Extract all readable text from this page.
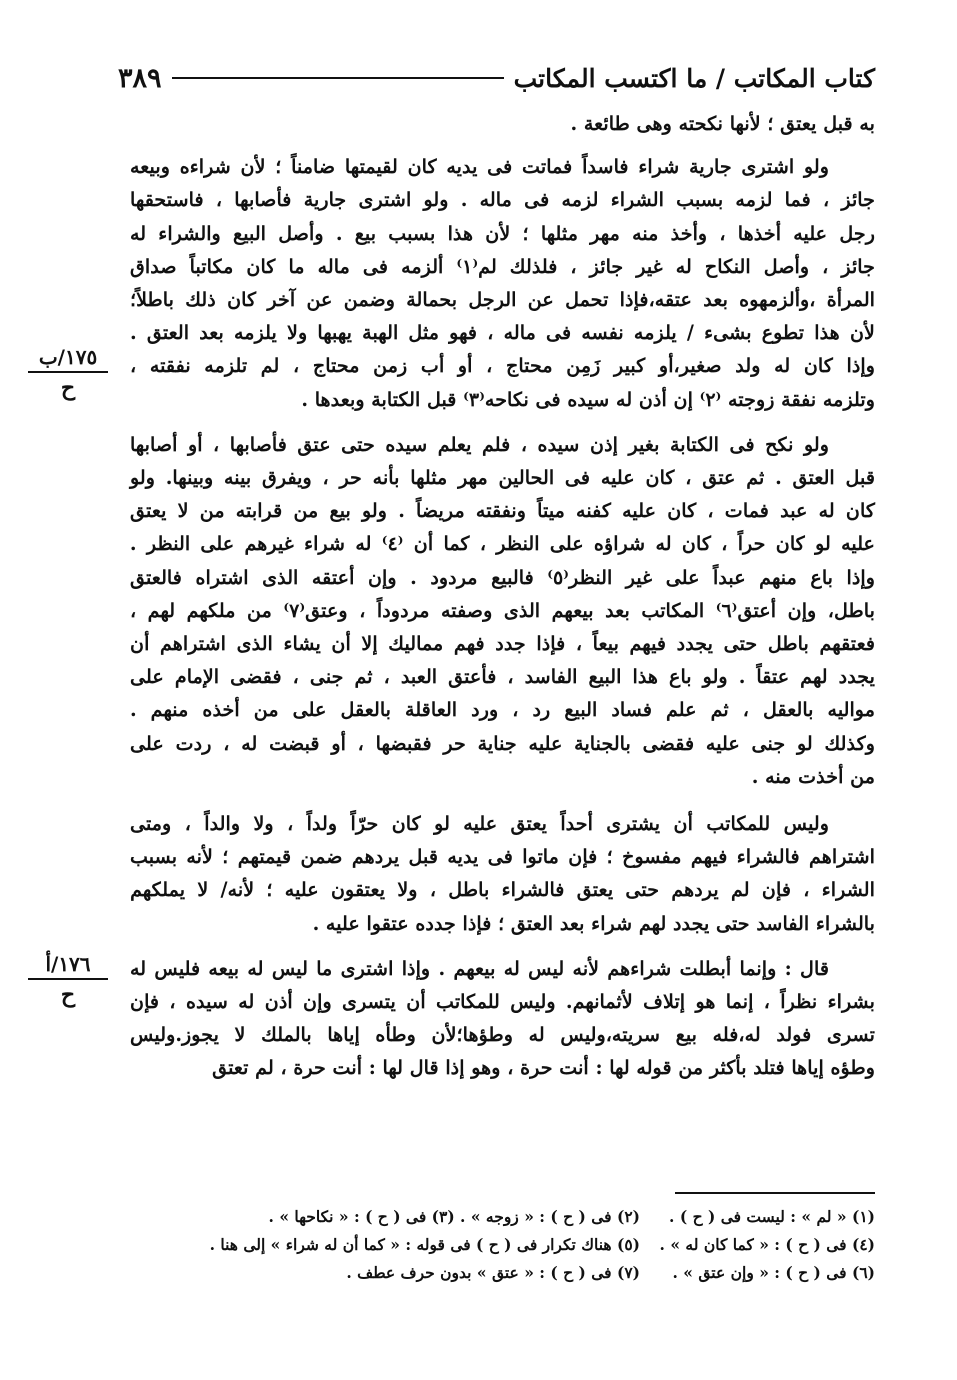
كتاب المكاتب / ما اكتسب المكاتب
٣٨٩
١٧٥/ب
ح
١٧٦/أ
ح

به قبل يعتق ؛ لأنها نكحته وهى طائعة .

ولو اشترى جارية شراء فاسداً فماتت فى يديه كان لقيمتها ضامناً ؛ لأن شراءه وبيعه
جائز ، فما لزمه بسبب الشراء لزمه فى ماله . ولو اشترى جارية فأصابها ، فاستحقها
رجل عليه أخذها ، وأخذ منه مهر مثلها ؛ لأن هذا بسبب بيع . وأصل البيع والشراء له
جائز ، وأصل النكاح له غير جائز ، فلذلك لم⁽١⁾ ألزمه فى ماله ما كان مكاتباً صداق
المرأة ،وألزمهوه بعد عتقه،فإذا تحمل عن الرجل بحمالة وضمن عن آخر كان ذلك باطلاً؛
لأن هذا تطوع بشىء / يلزمه نفسه فى ماله ، فهو مثل الهبة يهبها ولا يلزمه بعد العتق .
وإذا كان له ولد صغير،أو كبير زَمِن محتاج ، أو أب زمن محتاج ، لم تلزمه نفقته ،
وتلزمه نفقة زوجته ⁽٢⁾ إن أذن له سيده فى نكاحه⁽٣⁾ قبل الكتابة وبعدها .

ولو نكح فى الكتابة بغير إذن سيده ، فلم يعلم سيده حتى عتق فأصابها ، أو أصابها
قبل العتق . ثم عتق ، كان عليه فى الحالين مهر مثلها بأنه حر ، ويفرق بينه وبينها. ولو
كان له عبد فمات ، كان عليه كفنه ميتاً ونفقته مريضاً . ولو بيع من قرابته من لا يعتق
عليه لو كان حراً ، كان له شراؤه على النظر ، كما أن ⁽٤⁾ له شراء غيرهم على النظر .
وإذا باع منهم عبداً على غير النظر⁽٥⁾ فالبيع مردود . وإن أعتقه الذى اشتراه فالعتق
باطل، وإن أعتق⁽٦⁾ المكاتب بعد بيعهم الذى وصفته مردوداً ، وعتق⁽٧⁾ من ملكهم لهم ،
فعتقهم باطل حتى يجدد فيهم بيعاً ، فإذا جدد فهم مماليك إلا أن يشاء الذى اشتراهم أن
يجدد لهم عتقاً . ولو باع هذا البيع الفاسد ، فأعتق العبد ، ثم جنى ، فقضى الإمام على
مواليه بالعقل ، ثم علم فساد البيع رد ، ورد العاقلة بالعقل على من أخذه منهم .
وكذلك لو جنى عليه فقضى بالجناية عليه جناية حر فقبضها ، أو قبضت له ، ردت على
من أخذت منه .

وليس للمكاتب أن يشترى أحداً يعتق عليه لو كان حرّاً ولداً ، ولا والداً ، ومتى
اشتراهم فالشراء فيهم مفسوخ ؛ فإن ماتوا فى يديه قبل يردهم ضمن قيمتهم ؛ لأنه بسبب
الشراء ، فإن لم يردهم حتى يعتق فالشراء باطل ، ولا يعتقون عليه ؛ لأنه/ لا يملكهم
بالشراء الفاسد حتى يجدد لهم شراء بعد العتق ؛ فإذا جدده عتقوا عليه .

قال : وإنما أبطلت شراءهم لأنه ليس له بيعهم . وإذا اشترى ما ليس له بيعه فليس له
بشراء نظراً ، إنما هو إتلاف لأثمانهم. وليس للمكاتب أن يتسرى وإن أذن له سيده ، فإن
تسرى فولد له،فله بيع سريته،وليس له وطؤها؛لأن وطأه إياها بالملك لا يجوز.وليس
وطؤه إياها فتلد بأكثر من قوله لها : أنت حرة ، وهو إذا قال لها : أنت حرة ، لم تعتق

(١) « لم » : ليست فى ( ح ) .
(٢) فى ( ح ) : « زوجه » . (٣) فى ( ح ) : « نكاحها » .
(٤) فى ( ح ) : « كما كان له » .
(٥) هناك تكرار فى ( ح ) فى قوله : « كما أن له شراء » إلى هنا .
(٦) فى ( ح ) : « وإن عتق » .
(٧) فى ( ح ) : « عتق » بدون حرف عطف .
